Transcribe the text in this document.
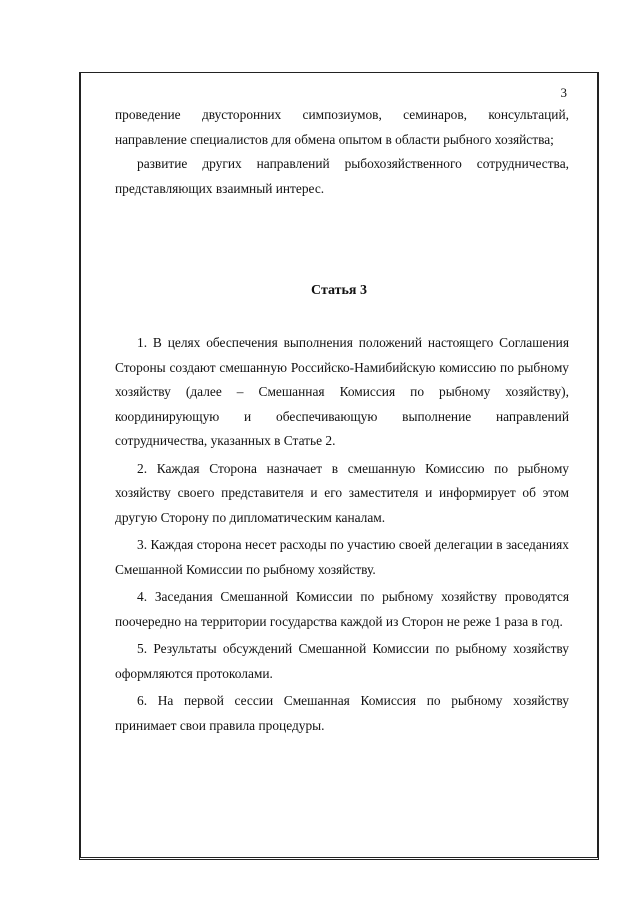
3

проведение двусторонних симпозиумов, семинаров, консультаций, направление специалистов для обмена опытом в области рыбного хозяйства;

развитие других направлений рыбохозяйственного сотрудничества, представляющих взаимный интерес.

Статья 3

1. В целях обеспечения выполнения положений настоящего Соглашения Стороны создают смешанную Российско-Намибийскую комиссию по рыбному хозяйству (далее – Смешанная Комиссия по рыбному хозяйству), координирующую и обеспечивающую выполнение направлений сотрудничества, указанных в Статье 2.

2. Каждая Сторона назначает в смешанную Комиссию по рыбному хозяйству своего представителя и его заместителя и информирует об этом другую Сторону по дипломатическим каналам.

3. Каждая сторона несет расходы по участию своей делегации в заседаниях Смешанной Комиссии по рыбному хозяйству.

4. Заседания Смешанной Комиссии по рыбному хозяйству проводятся поочередно на территории государства каждой из Сторон не реже 1 раза в год.

5. Результаты обсуждений Смешанной Комиссии по рыбному хозяйству оформляются протоколами.

6. На первой сессии Смешанная Комиссия по рыбному хозяйству принимает свои правила процедуры.
